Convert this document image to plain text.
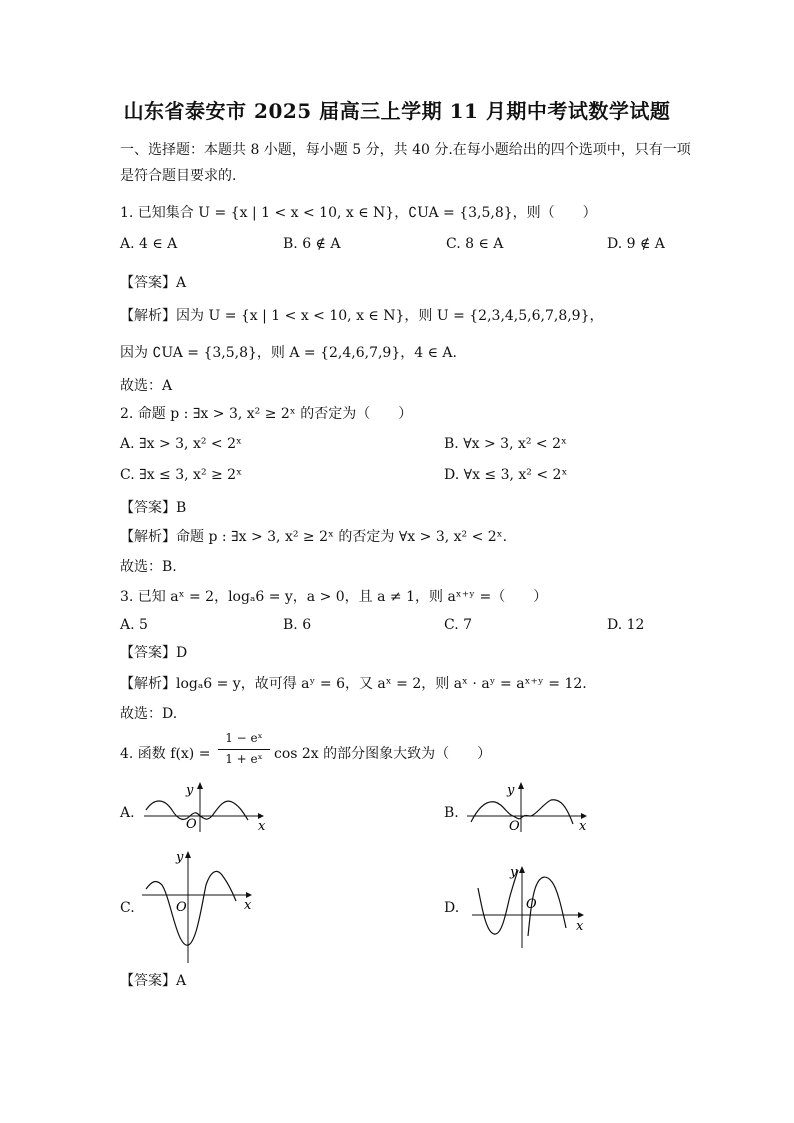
山东省泰安市 2025 届高三上学期 11 月期中考试数学试题
一、选择题：本题共 8 小题，每小题 5 分，共 40 分.在每小题给出的四个选项中，只有一项
是符合题目要求的.
1. 已知集合 U = {x | 1 < x < 10, x ∈ N}，∁UA = {3,5,8}，则（　　）
A. 4 ∈ A	B. 6 ∉ A	C. 8 ∈ A	D. 9 ∉ A
【答案】A
【解析】因为 U = {x | 1 < x < 10, x ∈ N}，则 U = {2,3,4,5,6,7,8,9}，
因为 ∁UA = {3,5,8}，则 A = {2,4,6,7,9}，4 ∈ A.
故选：A
2. 命题 p : ∃x > 3, x² ≥ 2ˣ 的否定为（　　）
A. ∃x > 3, x² < 2ˣ	B. ∀x > 3, x² < 2ˣ
C. ∃x ≤ 3, x² ≥ 2ˣ	D. ∀x ≤ 3, x² < 2ˣ
【答案】B
【解析】命题 p : ∃x > 3, x² ≥ 2ˣ 的否定为 ∀x > 3, x² < 2ˣ.
故选：B.
3. 已知 aˣ = 2，logₐ6 = y，a > 0，且 a ≠ 1，则 aˣ⁺ʸ =（　　）
A. 5	B. 6	C. 7	D. 12
【答案】D
【解析】logₐ6 = y，故可得 aʸ = 6，又 aˣ = 2，则 aˣ · aʸ = aˣ⁺ʸ = 12.
故选：D.
4. 函数 f(x) =
1 − eˣ
1 + eˣ cos 2x 的部分图象大致为（　　）
A.	B.
C.	D.
x
y
O	x
y
O
x
y
O
x
y
O
【答案】A
